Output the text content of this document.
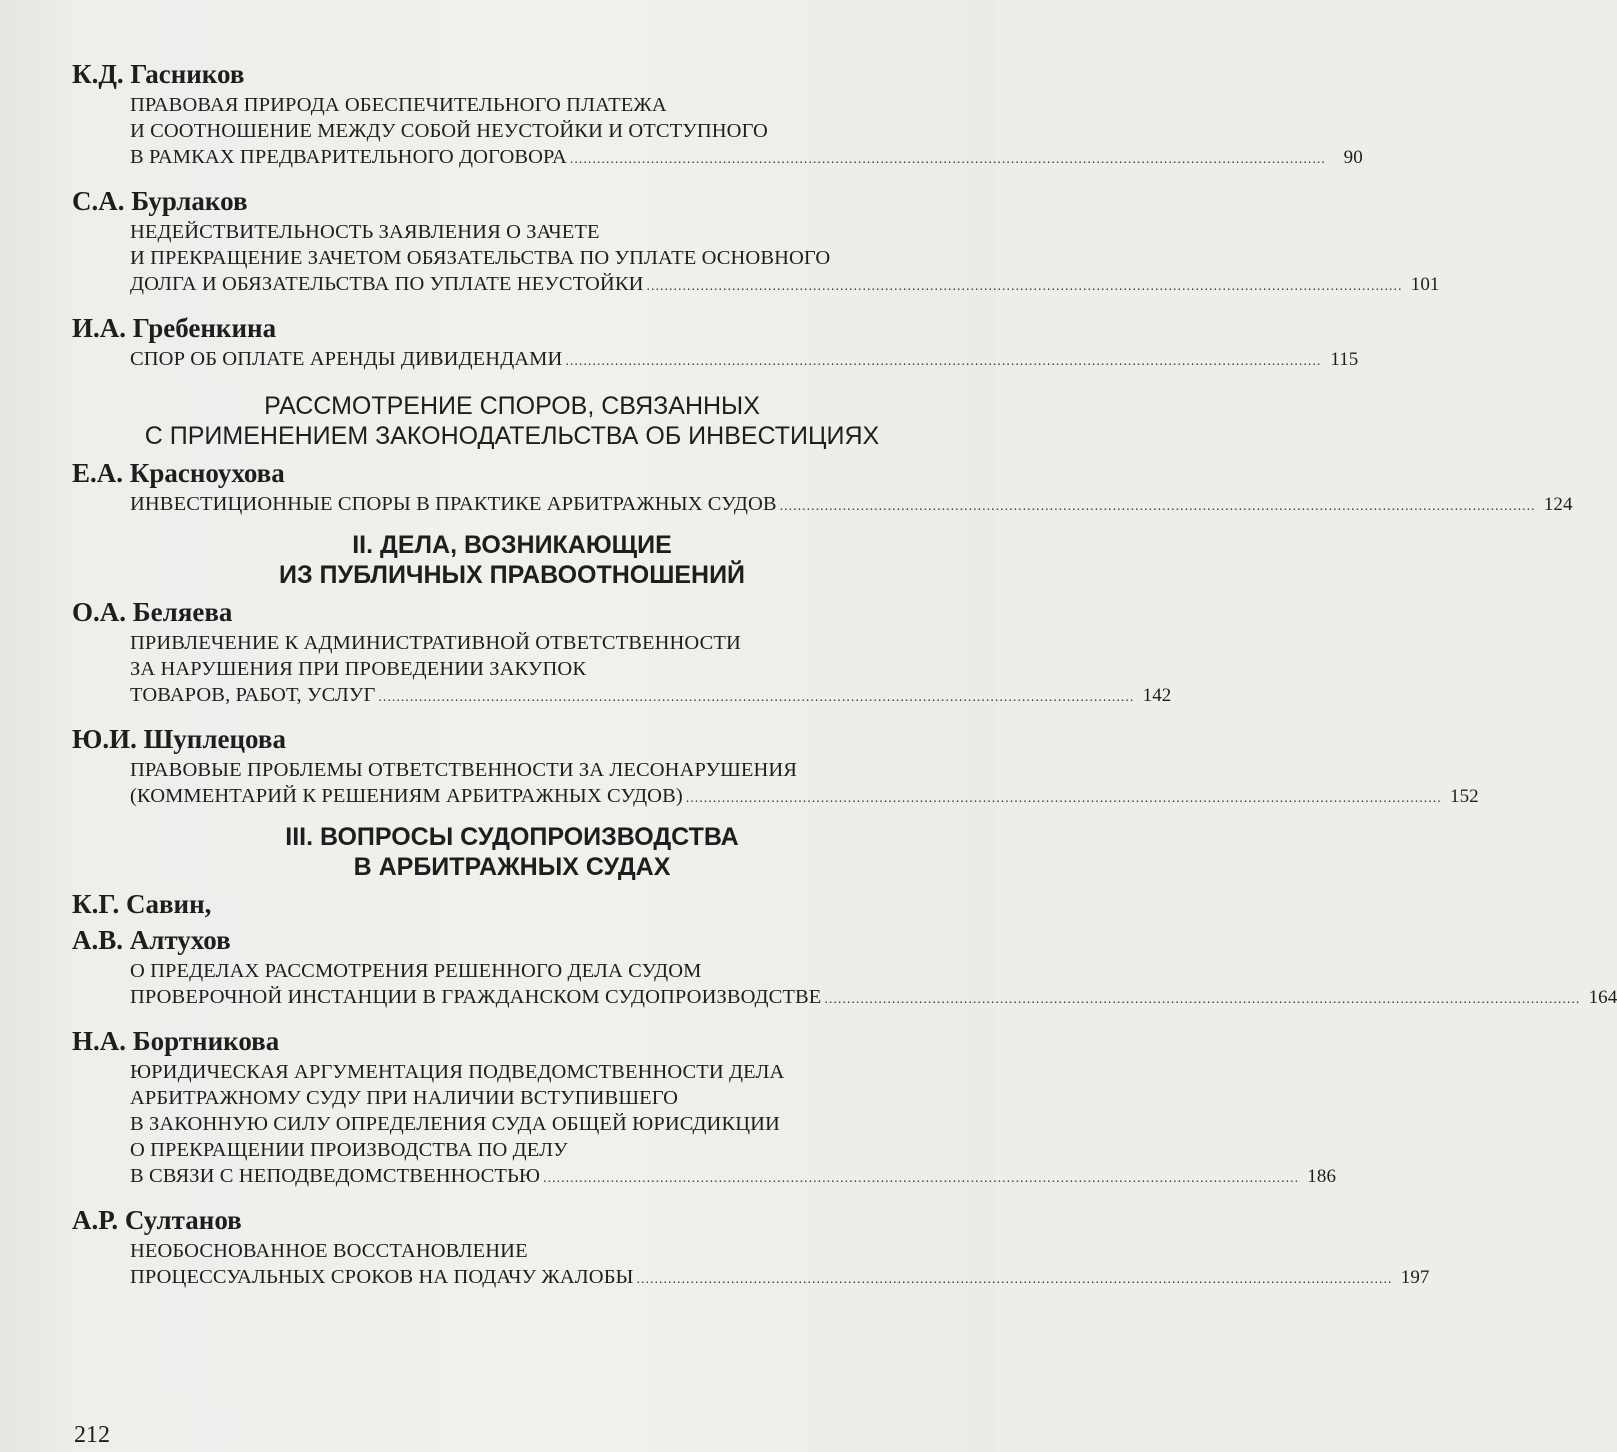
К.Д. Гасников
ПРАВОВАЯ ПРИРОДА ОБЕСПЕЧИТЕЛЬНОГО ПЛАТЕЖА
И СООТНОШЕНИЕ МЕЖДУ СОБОЙ НЕУСТОЙКИ И ОТСТУПНОГО
В РАМКАХ ПРЕДВАРИТЕЛЬНОГО ДОГОВОРА ........................................................................................................................................................................ 90
С.А. Бурлаков
НЕДЕЙСТВИТЕЛЬНОСТЬ ЗАЯВЛЕНИЯ О ЗАЧЕТЕ
И ПРЕКРАЩЕНИЕ ЗАЧЕТОМ ОБЯЗАТЕЛЬСТВА ПО УПЛАТЕ ОСНОВНОГО
ДОЛГА И ОБЯЗАТЕЛЬСТВА ПО УПЛАТЕ НЕУСТОЙКИ ........................................................................................................................................................................ 101
И.А. Гребенкина
СПОР ОБ ОПЛАТЕ АРЕНДЫ ДИВИДЕНДАМИ ........................................................................................................................................................................ 115
РАССМОТРЕНИЕ СПОРОВ, СВЯЗАННЫХ
С ПРИМЕНЕНИЕМ ЗАКОНОДАТЕЛЬСТВА ОБ ИНВЕСТИЦИЯХ
Е.А. Красноухова
ИНВЕСТИЦИОННЫЕ СПОРЫ В ПРАКТИКЕ АРБИТРАЖНЫХ СУДОВ ........................................................................................................................................................................ 124
II. ДЕЛА, ВОЗНИКАЮЩИЕ
ИЗ ПУБЛИЧНЫХ ПРАВООТНОШЕНИЙ
О.А. Беляева
ПРИВЛЕЧЕНИЕ К АДМИНИСТРАТИВНОЙ ОТВЕТСТВЕННОСТИ
ЗА НАРУШЕНИЯ ПРИ ПРОВЕДЕНИИ ЗАКУПОК
ТОВАРОВ, РАБОТ, УСЛУГ ........................................................................................................................................................................ 142
Ю.И. Шуплецова
ПРАВОВЫЕ ПРОБЛЕМЫ ОТВЕТСТВЕННОСТИ ЗА ЛЕСОНАРУШЕНИЯ
(КОММЕНТАРИЙ К РЕШЕНИЯМ АРБИТРАЖНЫХ СУДОВ) ........................................................................................................................................................................ 152
III. ВОПРОСЫ СУДОПРОИЗВОДСТВА
В АРБИТРАЖНЫХ СУДАХ
К.Г. Савин,
А.В. Алтухов
О ПРЕДЕЛАХ РАССМОТРЕНИЯ РЕШЕННОГО ДЕЛА СУДОМ
ПРОВЕРОЧНОЙ ИНСТАНЦИИ В ГРАЖДАНСКОМ СУДОПРОИЗВОДСТВЕ ........................................................................................................................................................................ 164
Н.А. Бортникова
ЮРИДИЧЕСКАЯ АРГУМЕНТАЦИЯ ПОДВЕДОМСТВЕННОСТИ ДЕЛА
АРБИТРАЖНОМУ СУДУ ПРИ НАЛИЧИИ ВСТУПИВШЕГО
В ЗАКОННУЮ СИЛУ ОПРЕДЕЛЕНИЯ СУДА ОБЩЕЙ ЮРИСДИКЦИИ
О ПРЕКРАЩЕНИИ ПРОИЗВОДСТВА ПО ДЕЛУ
В СВЯЗИ С НЕПОДВЕДОМСТВЕННОСТЬЮ ........................................................................................................................................................................ 186
А.Р. Султанов
НЕОБОСНОВАННОЕ ВОССТАНОВЛЕНИЕ
ПРОЦЕССУАЛЬНЫХ СРОКОВ НА ПОДАЧУ ЖАЛОБЫ ........................................................................................................................................................................ 197
212
